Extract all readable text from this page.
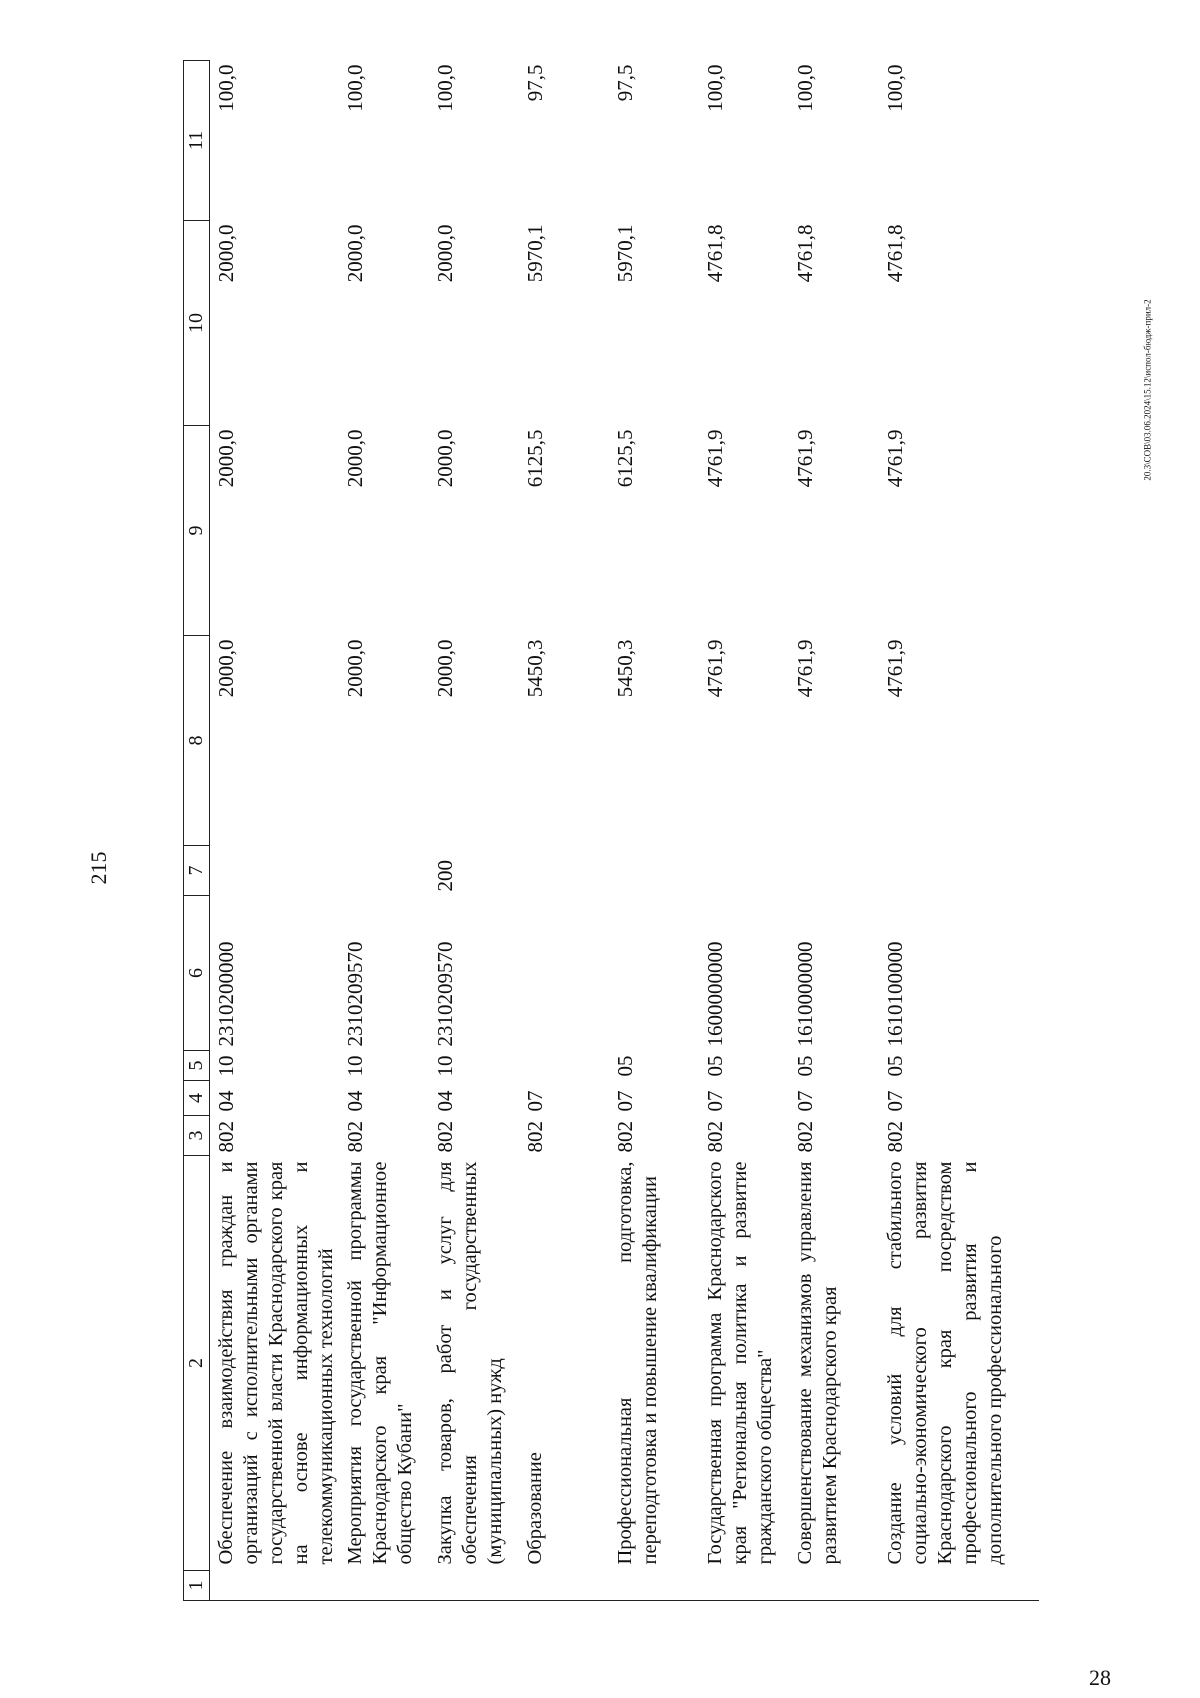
215
28
20.3\COB\03.06.2024\15.12\испол-бюдж-прил-2
1	2	3	4	5	6	7	8	9	10	11
	Обеспечение взаимодействия граждан и организаций с исполнительными органами государственной власти Краснодарского края на основе информационных и телекоммуникационных технологий	802	04	10	2310200000		2000,0	2000,0	2000,0	100,0
	Мероприятия государственной программы Краснодарского края "Информационное общество Кубани"	802	04	10	2310209570		2000,0	2000,0	2000,0	100,0
	Закупка товаров, работ и услуг для обеспечения государственных (муниципальных) нужд	802	04	10	2310209570	200	2000,0	2000,0	2000,0	100,0
	Образование	802	07				5450,3	6125,5	5970,1	97,5
	Профессиональная подготовка, переподготовка и повышение квалификации	802	07	05			5450,3	6125,5	5970,1	97,5
	Государственная программа Краснодарского края "Региональная политика и развитие гражданского общества"	802	07	05	1600000000		4761,9	4761,9	4761,8	100,0
	Совершенствование механизмов управления развитием Краснодарского края	802	07	05	1610000000		4761,9	4761,9	4761,8	100,0
	Создание условий для стабильного социально-экономического развития Краснодарского края посредством профессионального развития и дополнительного профессионального	802	07	05	1610100000		4761,9	4761,9	4761,8	100,0
